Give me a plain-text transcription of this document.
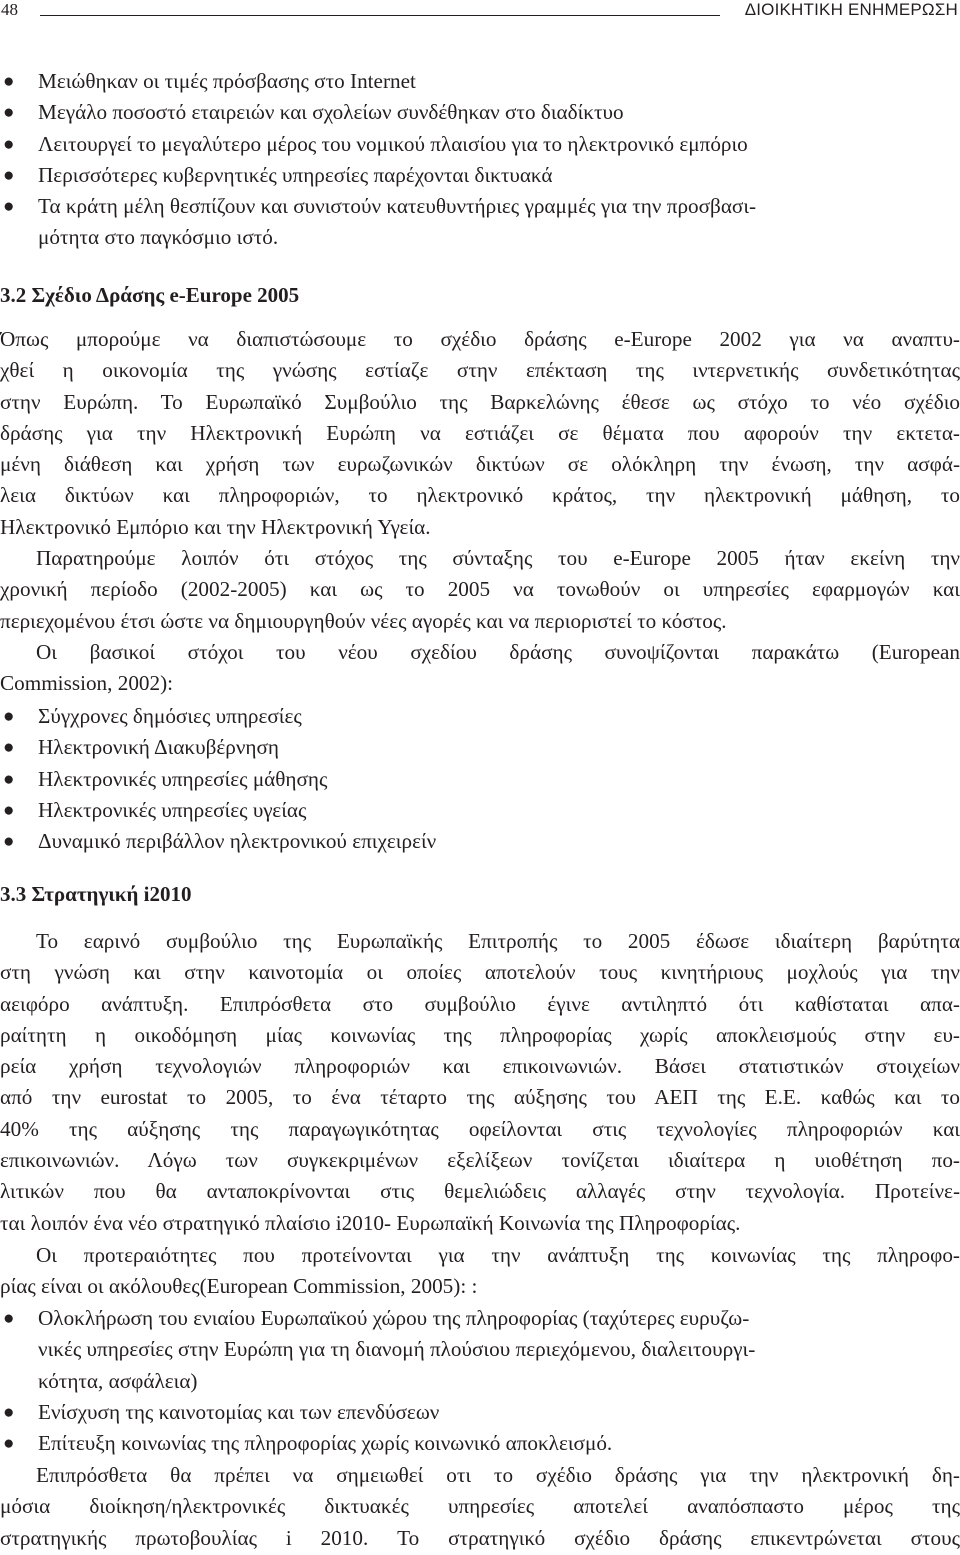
48	ΔΙΟΙΚΗΤΙΚΗ ΕΝΗΜΕΡΩΣΗ
●	Μειώθηκαν οι τιμές πρόσβασης στο Internet
●	Μεγάλο ποσοστό εταιρειών και σχολείων συνδέθηκαν στο διαδίκτυο
●	Λειτουργεί το μεγαλύτερο μέρος του νομικού πλαισίου για το ηλεκτρονικό εμπόριο
●	Περισσότερες κυβερνητικές υπηρεσίες παρέχονται δικτυακά
●	Τα κράτη μέλη θεσπίζουν και συνιστούν κατευθυντήριες γραμμές για την προσβασι-
μότητα στο παγκόσμιο ιστό.
3.2 Σχέδιο Δράσης e-Europe 2005

Όπως μπορούμε να διαπιστώσουμε το σχέδιο δράσης e-Europe 2002 για να αναπτυ-
χθεί η οικονομία της γνώσης εστίαζε στην επέκταση της ιντερνετικής συνδετικότητας
στην Ευρώπη. Το Ευρωπαϊκό Συμβούλιο της Βαρκελώνης έθεσε ως στόχο το νέο σχέδιο
δράσης για την Ηλεκτρονική Ευρώπη να εστιάζει σε θέματα που αφορούν την εκτετα-
μένη διάθεση και χρήση των ευρωζωνικών δικτύων σε ολόκληρη την ένωση, την ασφά-
λεια δικτύων και πληροφοριών, το ηλεκτρονικό κράτος, την ηλεκτρονική μάθηση, το
Ηλεκτρονικό Εμπόριο και την Ηλεκτρονική Υγεία.

Παρατηρούμε λοιπόν ότι στόχος της σύνταξης του e-Europe 2005 ήταν εκείνη την
χρονική περίοδο (2002-2005) και ως το 2005 να τονωθούν οι υπηρεσίες εφαρμογών και
περιεχομένου έτσι ώστε να δημιουργηθούν νέες αγορές και να περιοριστεί το κόστος.

Οι βασικοί στόχοι του νέου σχεδίου δράσης συνοψίζονται παρακάτω (European
Commission, 2002):

●	Σύγχρονες δημόσιες υπηρεσίες
●	Ηλεκτρονική Διακυβέρνηση
●	Ηλεκτρονικές υπηρεσίες μάθησης
●	Ηλεκτρονικές υπηρεσίες υγείας
●	Δυναμικό περιβάλλον ηλεκτρονικού επιχειρείν
3.3 Στρατηγική i2010

Το εαρινό συμβούλιο της Ευρωπαϊκής Επιτροπής το 2005 έδωσε ιδιαίτερη βαρύτητα
στη γνώση και στην καινοτομία οι οποίες αποτελούν τους κινητήριους μοχλούς για την
αειφόρο ανάπτυξη. Επιπρόσθετα στο συμβούλιο έγινε αντιληπτό ότι καθίσταται απα-
ραίτητη η οικοδόμηση μίας κοινωνίας της πληροφορίας χωρίς αποκλεισμούς στην ευ-
ρεία χρήση τεχνολογιών πληροφοριών και επικοινωνιών. Βάσει στατιστικών στοιχείων
από την eurostat το 2005, το ένα τέταρτο της αύξησης του ΑΕΠ της Ε.Ε. καθώς και το
40% της αύξησης της παραγωγικότητας οφείλονται στις τεχνολογίες πληροφοριών και
επικοινωνιών. Λόγω των συγκεκριμένων εξελίξεων τονίζεται ιδιαίτερα η υιοθέτηση πο-
λιτικών που θα ανταποκρίνονται στις θεμελιώδεις αλλαγές στην τεχνολογία. Προτείνε-
ται λοιπόν ένα νέο στρατηγικό πλαίσιο i2010- Ευρωπαϊκή Κοινωνία της Πληροφορίας.

Οι προτεραιότητες που προτείνονται για την ανάπτυξη της κοινωνίας της πληροφο-
ρίας είναι οι ακόλουθες(European Commission, 2005): :

●	Ολοκλήρωση του ενιαίου Ευρωπαϊκού χώρου της πληροφορίας (ταχύτερες ευρυζω-
νικές υπηρεσίες στην Ευρώπη για τη διανομή πλούσιου περιεχόμενου, διαλειτουργι-
κότητα, ασφάλεια)
●	Ενίσχυση της καινοτομίας και των επενδύσεων
●	Επίτευξη κοινωνίας της πληροφορίας χωρίς κοινωνικό αποκλεισμό.

Επιπρόσθετα θα πρέπει να σημειωθεί οτι το σχέδιο δράσης για την ηλεκτρονική δη-
μόσια διοίκηση/ηλεκτρονικές δικτυακές υπηρεσίες αποτελεί αναπόσπαστο μέρος της
στρατηγικής πρωτοβουλίας i 2010. Το στρατηγικό σχέδιο δράσης επικεντρώνεται στους
